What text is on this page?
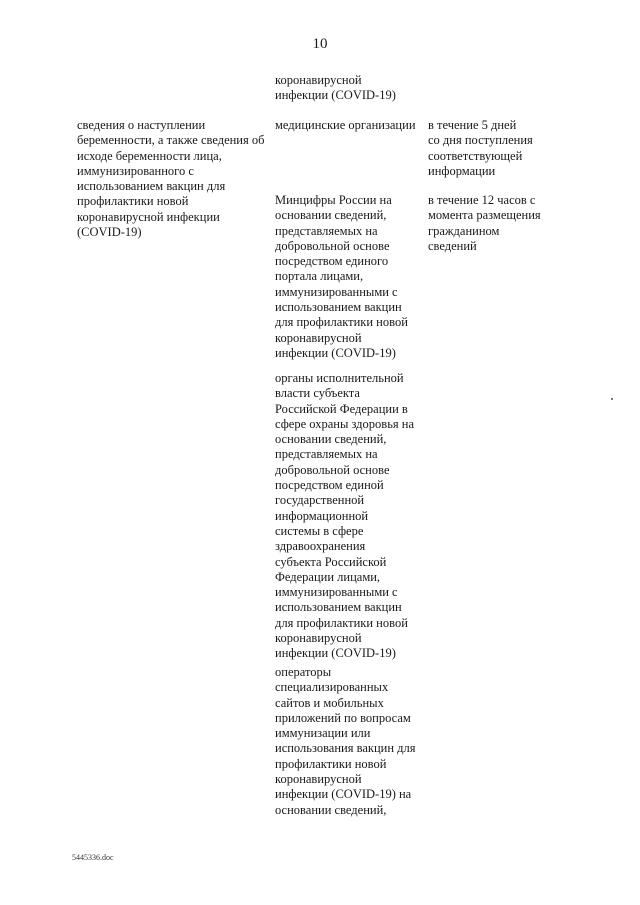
10

коронавирусной
инфекции (COVID-19)

сведения о наступлении
беременности, а также сведения об
исходе беременности лица,
иммунизированного с
использованием вакцин для
профилактики новой
коронавирусной инфекции
(COVID-19)

медицинские организации в течение 5 дней
со дня поступления
соответствующей
информации

Минцифры России на
основании сведений,
представляемых на
добровольной основе
посредством единого
портала лицами,
иммунизированными с
использованием вакцин
для профилактики новой
коронавирусной
инфекции (COVID-19)

в течение 12 часов с
момента размещения
гражданином
сведений

органы исполнительной
власти субъекта
Российской Федерации в
сфере охраны здоровья на
основании сведений,
представляемых на
добровольной основе
посредством единой
государственной
информационной
системы в сфере
здравоохранения
субъекта Российской
Федерации лицами,
иммунизированными с
использованием вакцин
для профилактики новой
коронавирусной
инфекции (COVID-19)

операторы
специализированных
сайтов и мобильных
приложений по вопросам
иммунизации или
использования вакцин для
профилактики новой
коронавирусной
инфекции (COVID-19) на
основании сведений,

5445336.doc
